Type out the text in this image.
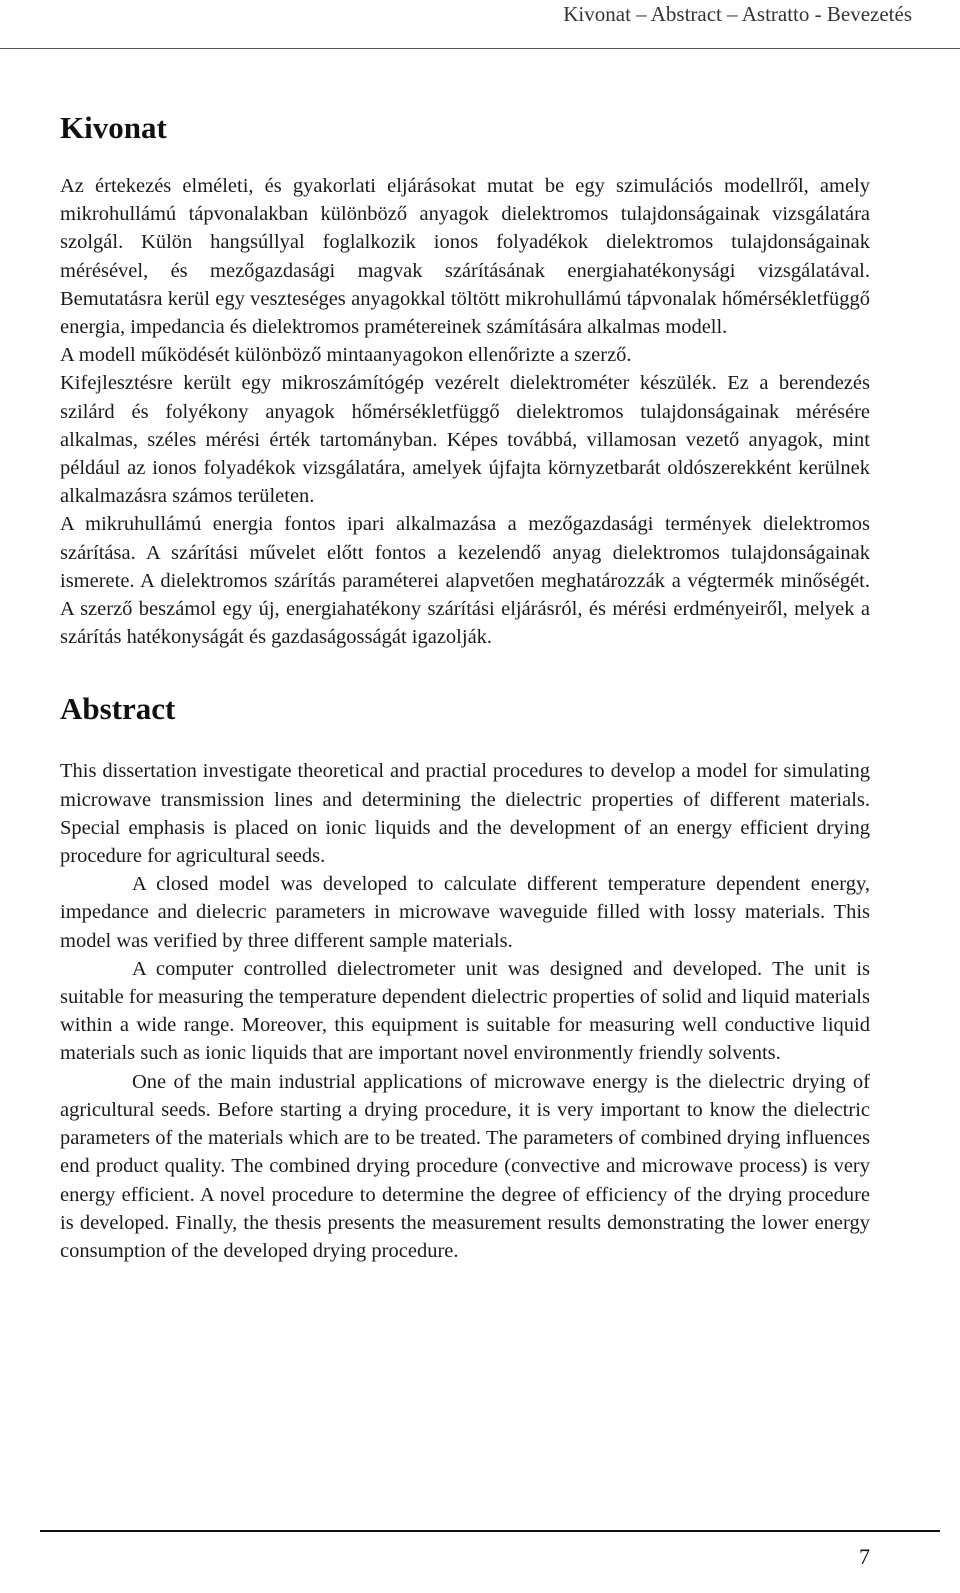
Kivonat – Abstract – Astratto - Bevezetés
Kivonat

Az értekezés elméleti, és gyakorlati eljárásokat mutat be egy szimulációs modellről, amely mikrohullámú tápvonalakban különböző anyagok dielektromos tulajdonságainak vizsgálatára szolgál. Külön hangsúllyal foglalkozik ionos folyadékok dielektromos tulajdonságainak mérésével, és mezőgazdasági magvak szárításának energiahatékonysági vizsgálatával. Bemutatásra kerül egy veszteséges anyagokkal töltött mikrohullámú tápvonalak hőmérsékletfüggő energia, impedancia és dielektromos pramétereinek számítására alkalmas modell.

A modell működését különböző mintaanyagokon ellenőrizte a szerző.

Kifejlesztésre került egy mikroszámítógép vezérelt dielektrométer készülék. Ez a berendezés szilárd és folyékony anyagok hőmérsékletfüggő dielektromos tulajdonságainak mérésére alkalmas, széles mérési érték tartományban. Képes továbbá, villamosan vezető anyagok, mint például az ionos folyadékok vizsgálatára, amelyek újfajta környzetbarát oldószerekként kerülnek alkalmazásra számos területen.

A mikruhullámú energia fontos ipari alkalmazása a mezőgazdasági termények dielektromos szárítása. A szárítási művelet előtt fontos a kezelendő anyag dielektromos tulajdonságainak ismerete. A dielektromos szárítás paraméterei alapvetően meghatározzák a végtermék minőségét. A szerző beszámol egy új, energiahatékony szárítási eljárásról, és mérési erdményeiről, melyek a szárítás hatékonyságát és gazdaságosságát igazolják.

Abstract

This dissertation investigate theoretical and practial procedures to develop a model for simulating microwave transmission lines and determining the dielectric properties of different materials. Special emphasis is placed on ionic liquids and the development of an energy efficient drying procedure for agricultural seeds.

A closed model was developed to calculate different temperature dependent energy, impedance and dielecric parameters in microwave waveguide filled with lossy materials. This model was verified by three different sample materials.

A computer controlled dielectrometer unit was designed and developed. The unit is suitable for measuring the temperature dependent dielectric properties of solid and liquid materials within a wide range. Moreover, this equipment is suitable for measuring well conductive liquid materials such as ionic liquids that are important novel environmently friendly solvents.

One of the main industrial applications of microwave energy is the dielectric drying of agricultural seeds. Before starting a drying procedure, it is very important to know the dielectric parameters of the materials which are to be treated. The parameters of combined drying influences end product quality. The combined drying procedure (convective and microwave process) is very energy efficient. A novel procedure to determine the degree of efficiency of the drying procedure is developed. Finally, the thesis presents the measurement results demonstrating the lower energy consumption of the developed drying procedure.

7
